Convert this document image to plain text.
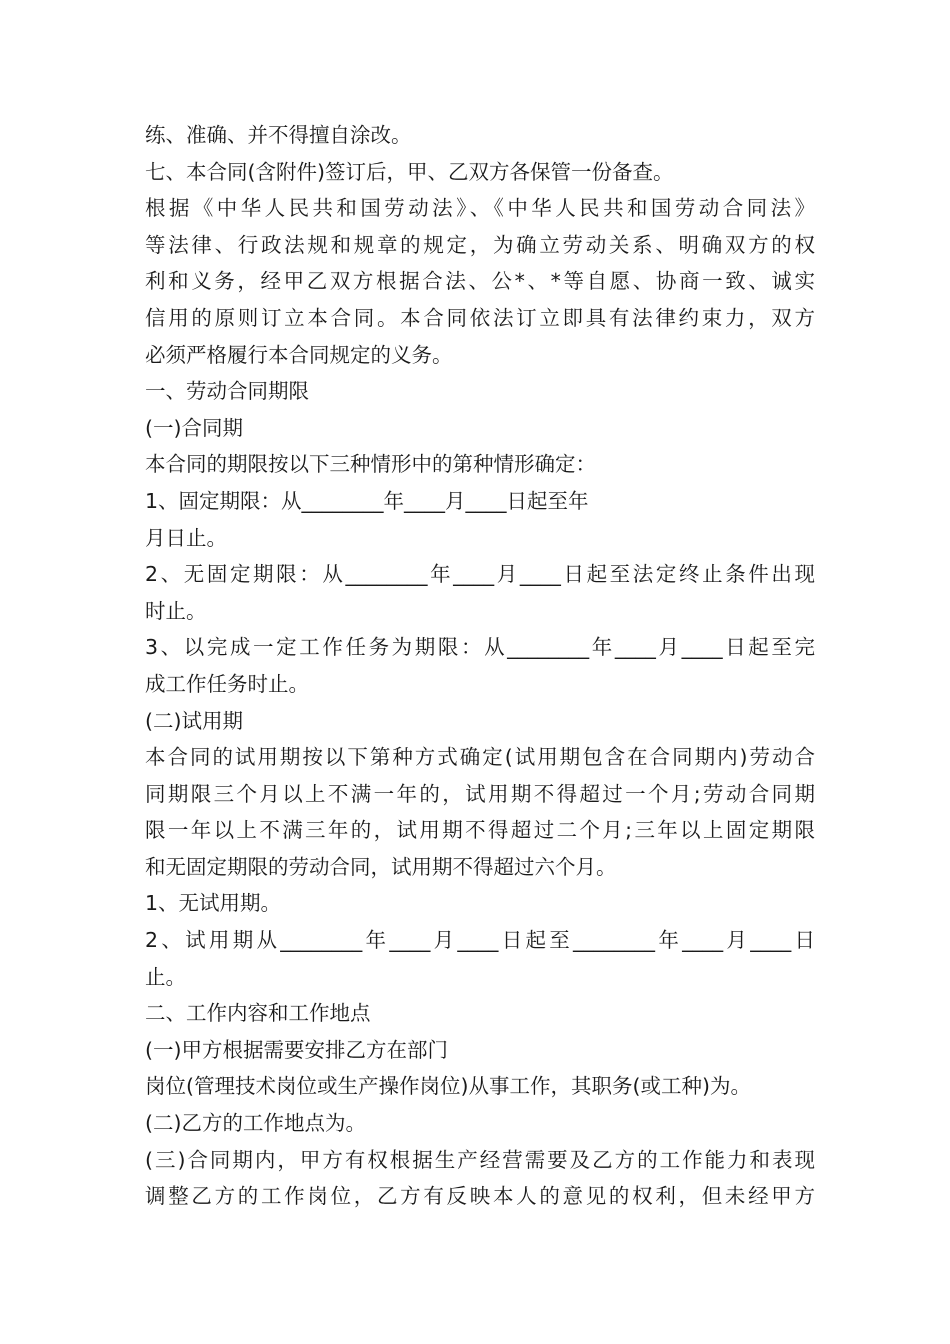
练、准确、并不得擅自涂改。
七、本合同(含附件)签订后，甲、乙双方各保管一份备查。
根据《中华人民共和国劳动法》、《中华人民共和国劳动合同法》
等法律、行政法规和规章的规定，为确立劳动关系、明确双方的权
利和义务，经甲乙双方根据合法、公*、*等自愿、协商一致、诚实
信用的原则订立本合同。本合同依法订立即具有法律约束力，双方
必须严格履行本合同规定的义务。
一、劳动合同期限
(一)合同期
本合同的期限按以下三种情形中的第种情形确定：
1、固定期限：从________年____月____日起至年
月日止。
2、无固定期限：从________年____月____日起至法定终止条件出现
时止。
3、以完成一定工作任务为期限：从________年____月____日起至完
成工作任务时止。
(二)试用期
本合同的试用期按以下第种方式确定(试用期包含在合同期内)劳动合
同期限三个月以上不满一年的，试用期不得超过一个月;劳动合同期
限一年以上不满三年的，试用期不得超过二个月;三年以上固定期限
和无固定期限的劳动合同，试用期不得超过六个月。
1、无试用期。
2、试用期从________年____月____日起至________年____月____日
止。
二、工作内容和工作地点
(一)甲方根据需要安排乙方在部门
岗位(管理技术岗位或生产操作岗位)从事工作，其职务(或工种)为。
(二)乙方的工作地点为。
(三)合同期内，甲方有权根据生产经营需要及乙方的工作能力和表现
调整乙方的工作岗位，乙方有反映本人的意见的权利，但未经甲方
